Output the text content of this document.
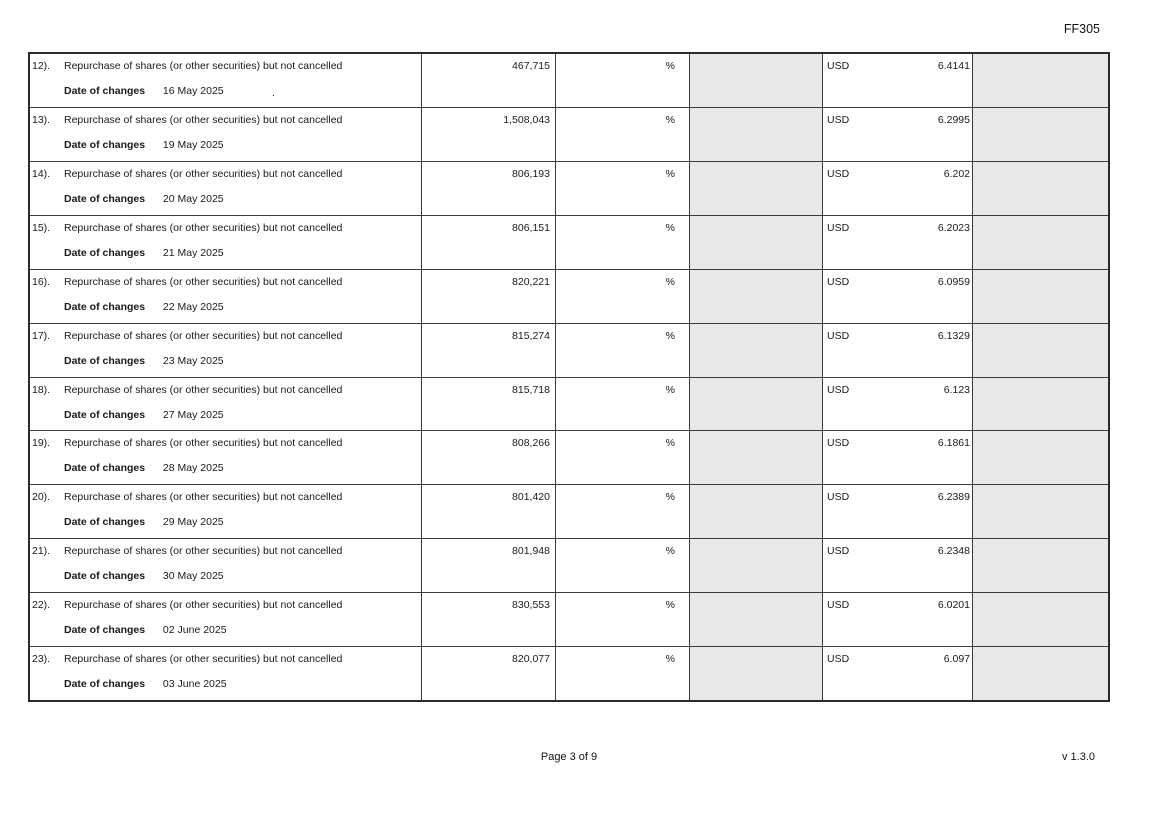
FF305
12).	Repurchase of shares (or other securities) but not cancelled
Date of changes 16 May 2025	.
467,715	%	USD	6.4141
13).	Repurchase of shares (or other securities) but not cancelled
Date of changes 19 May 2025
1,508,043	%	USD	6.2995
14).	Repurchase of shares (or other securities) but not cancelled
Date of changes 20 May 2025
806,193	%	USD	6.202
15).	Repurchase of shares (or other securities) but not cancelled
Date of changes 21 May 2025
806,151	%	USD	6.2023
16).	Repurchase of shares (or other securities) but not cancelled
Date of changes 22 May 2025
820,221	%	USD	6.0959
17).	Repurchase of shares (or other securities) but not cancelled
Date of changes 23 May 2025
815,274	%	USD	6.1329
18).	Repurchase of shares (or other securities) but not cancelled
Date of changes 27 May 2025
815,718	%	USD	6.123
19).	Repurchase of shares (or other securities) but not cancelled
Date of changes 28 May 2025
808,266	%	USD	6.1861
20).	Repurchase of shares (or other securities) but not cancelled
Date of changes 29 May 2025
801,420	%	USD	6.2389
21).	Repurchase of shares (or other securities) but not cancelled
Date of changes 30 May 2025
801,948	%	USD	6.2348
22).	Repurchase of shares (or other securities) but not cancelled
Date of changes 02 June 2025
830,553	%	USD	6.0201
23).	Repurchase of shares (or other securities) but not cancelled
Date of changes 03 June 2025
820,077	%	USD	6.097
Page 3 of 9	v 1.3.0
